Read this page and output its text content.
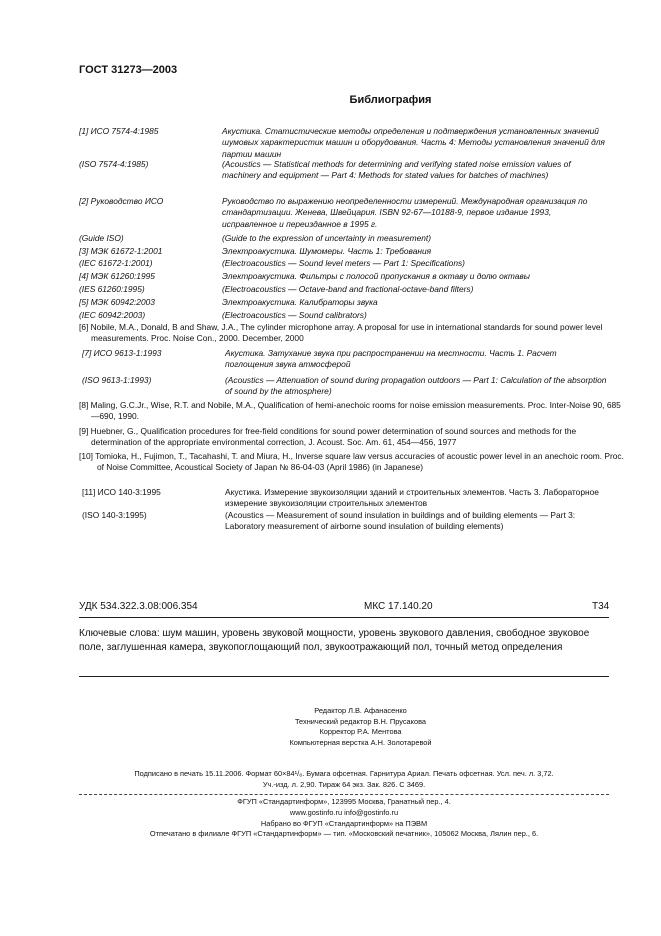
ГОСТ 31273—2003
Библиография
[1] ИСО 7574-4:1985	Акустика. Статистические методы определения и подтверждения установленных значений шумовых характеристик машин и оборудования. Часть 4: Методы установления значений для партии машин
(ISO 7574-4:1985)	(Acoustics — Statistical methods for determining and verifying stated noise emission values of machinery and equipment — Part 4: Methods for stated values for batches of machines)
[2] Руководство ИСО	Руководство по выражению неопределенности измерений. Международная организация по стандартизации. Женева, Швейцария. ISBN 92-67—10188-9, первое издание 1993, исправленное и переизданное в 1995 г.
(Guide ISO)	(Guide to the expression of uncertainty in measurement)
[3] МЭК 61672-1:2001	Электроакустика. Шумомеры. Часть 1: Требования
(IEC 61672-1:2001)	(Electroacoustics — Sound level meters — Part 1: Specifications)
[4] МЭК 61260:1995	Электроакустика. Фильтры с полосой пропускания в октаву и долю октавы
(IES 61260:1995)	(Electroacoustics — Octave-band and fractional-octave-band filters)
[5] МЭК 60942:2003	Электроакустика. Калибраторы звука
(IEC 60942:2003)	(Electroacoustics — Sound calibrators)
[6] Nobile, M.A., Donald, B and Shaw, J.A., The cylinder microphone array. A proposal for use in international standards for sound power level measurements. Proc. Noise Con., 2000. December, 2000
[7] ИСО 9613-1:1993	Акустика. Затухание звука при распространении на местности. Часть 1. Расчет поглощения звука атмосферой
(ISO 9613-1:1993)	(Acoustics — Attenuation of sound during propagation outdoors — Part 1: Calculation of the absorption of sound by the atmosphere)
[8] Maling, G.C.Jr., Wise, R.T. and Nobile, M.A., Qualification of hemi-anechoic rooms for noise emission measurements. Proc. Inter-Noise 90, 685—690, 1990.
[9] Huebner, G., Qualification procedures for free-field conditions for sound power determination of sound sources and methods for the determination of the appropriate environmental correction, J. Acoust. Soc. Am. 61, 454—456, 1977
[10] Tomioka, H., Fujimon, T., Tacahashi, T. and Miura, H., Inverse square law versus accuracies of acoustic power level in an anechoic room. Proc. of Noise Committee, Acoustical Society of Japan № 86-04-03 (April 1986) (in Japanese)
[11] ИСО 140-3:1995	Акустика. Измерение звукоизоляции зданий и строительных элементов. Часть 3. Лабораторное измерение звукоизоляции строительных элементов
(ISO 140-3:1995)	(Acoustics — Measurement of sound insulation in buildings and of building elements — Part 3: Laboratory measurement of airborne sound insulation of building elements)
УДК 534.322.3.08:006.354	МКС 17.140.20	Т34
Ключевые слова: шум машин, уровень звуковой мощности, уровень звукового давления, свободное звуковое поле, заглушенная камера, звукопоглощающий пол, звукоотражающий пол, точный метод определения
Редактор Л.В. Афанасенко
Технический редактор В.Н. Прусакова
Корректор Р.А. Ментова
Компьютерная верстка А.Н. Золотаревой
Подписано в печать 15.11.2006. Формат 60×84¹/₈. Бумага офсетная. Гарнитура Ариал. Печать офсетная. Усл. печ. л. 3,72.
Уч.-изд. л. 2,90. Тираж 64 экз. Зак. 826. С 3469.
ФГУП «Стандартинформ», 123995 Москва, Гранатный пер., 4.
www.gostinfo.ru info@gostinfo.ru
Набрано во ФГУП «Стандартинформ» на ПЭВМ
Отпечатано в филиале ФГУП «Стандартинформ» — тип. «Московский печатник», 105062 Москва, Лялин пер., 6.
